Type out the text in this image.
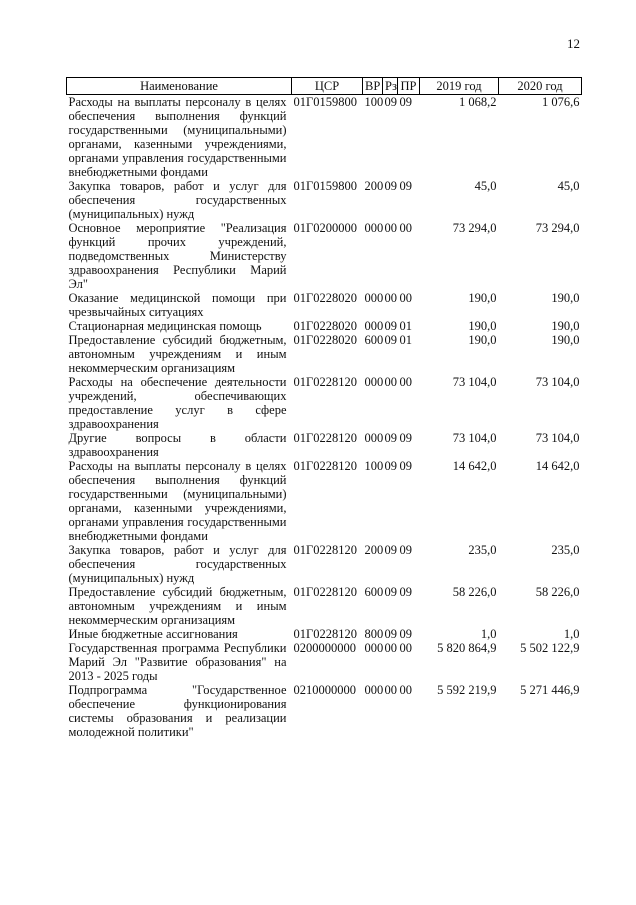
12
Наименование	ЦСР	ВР	Рз	ПР	2019 год	2020 год
Расходы на выплаты персоналу в целях обеспечения выполнения функций государственными (муниципальными) органами, казенными учреждениями, органами управления государственными внебюджетными фондами	01Г0159800	100	09	09	1 068,2	1 076,6
Закупка товаров, работ и услуг для обеспечения государственных (муниципальных) нужд	01Г0159800	200	09	09	45,0	45,0
Основное мероприятие "Реализация функций прочих учреждений, подведомственных Министерству здравоохранения Республики Марий Эл"	01Г0200000	000	00	00	73 294,0	73 294,0
Оказание медицинской помощи при чрезвычайных ситуациях	01Г0228020	000	00	00	190,0	190,0
Стационарная медицинская помощь	01Г0228020	000	09	01	190,0	190,0
Предоставление субсидий бюджетным, автономным учреждениям и иным некоммерческим организациям	01Г0228020	600	09	01	190,0	190,0
Расходы на обеспечение деятельности учреждений, обеспечивающих предоставление услуг в сфере здравоохранения	01Г0228120	000	00	00	73 104,0	73 104,0
Другие вопросы в области здравоохранения	01Г0228120	000	09	09	73 104,0	73 104,0
Расходы на выплаты персоналу в целях обеспечения выполнения функций государственными (муниципальными) органами, казенными учреждениями, органами управления государственными внебюджетными фондами	01Г0228120	100	09	09	14 642,0	14 642,0
Закупка товаров, работ и услуг для обеспечения государственных (муниципальных) нужд	01Г0228120	200	09	09	235,0	235,0
Предоставление субсидий бюджетным, автономным учреждениям и иным некоммерческим организациям	01Г0228120	600	09	09	58 226,0	58 226,0
Иные бюджетные ассигнования	01Г0228120	800	09	09	1,0	1,0
Государственная программа Республики Марий Эл "Развитие образования" на 2013 - 2025 годы	0200000000	000	00	00	5 820 864,9	5 502 122,9
Подпрограмма "Государственное обеспечение функционирования системы образования и реализации молодежной политики"	0210000000	000	00	00	5 592 219,9	5 271 446,9
